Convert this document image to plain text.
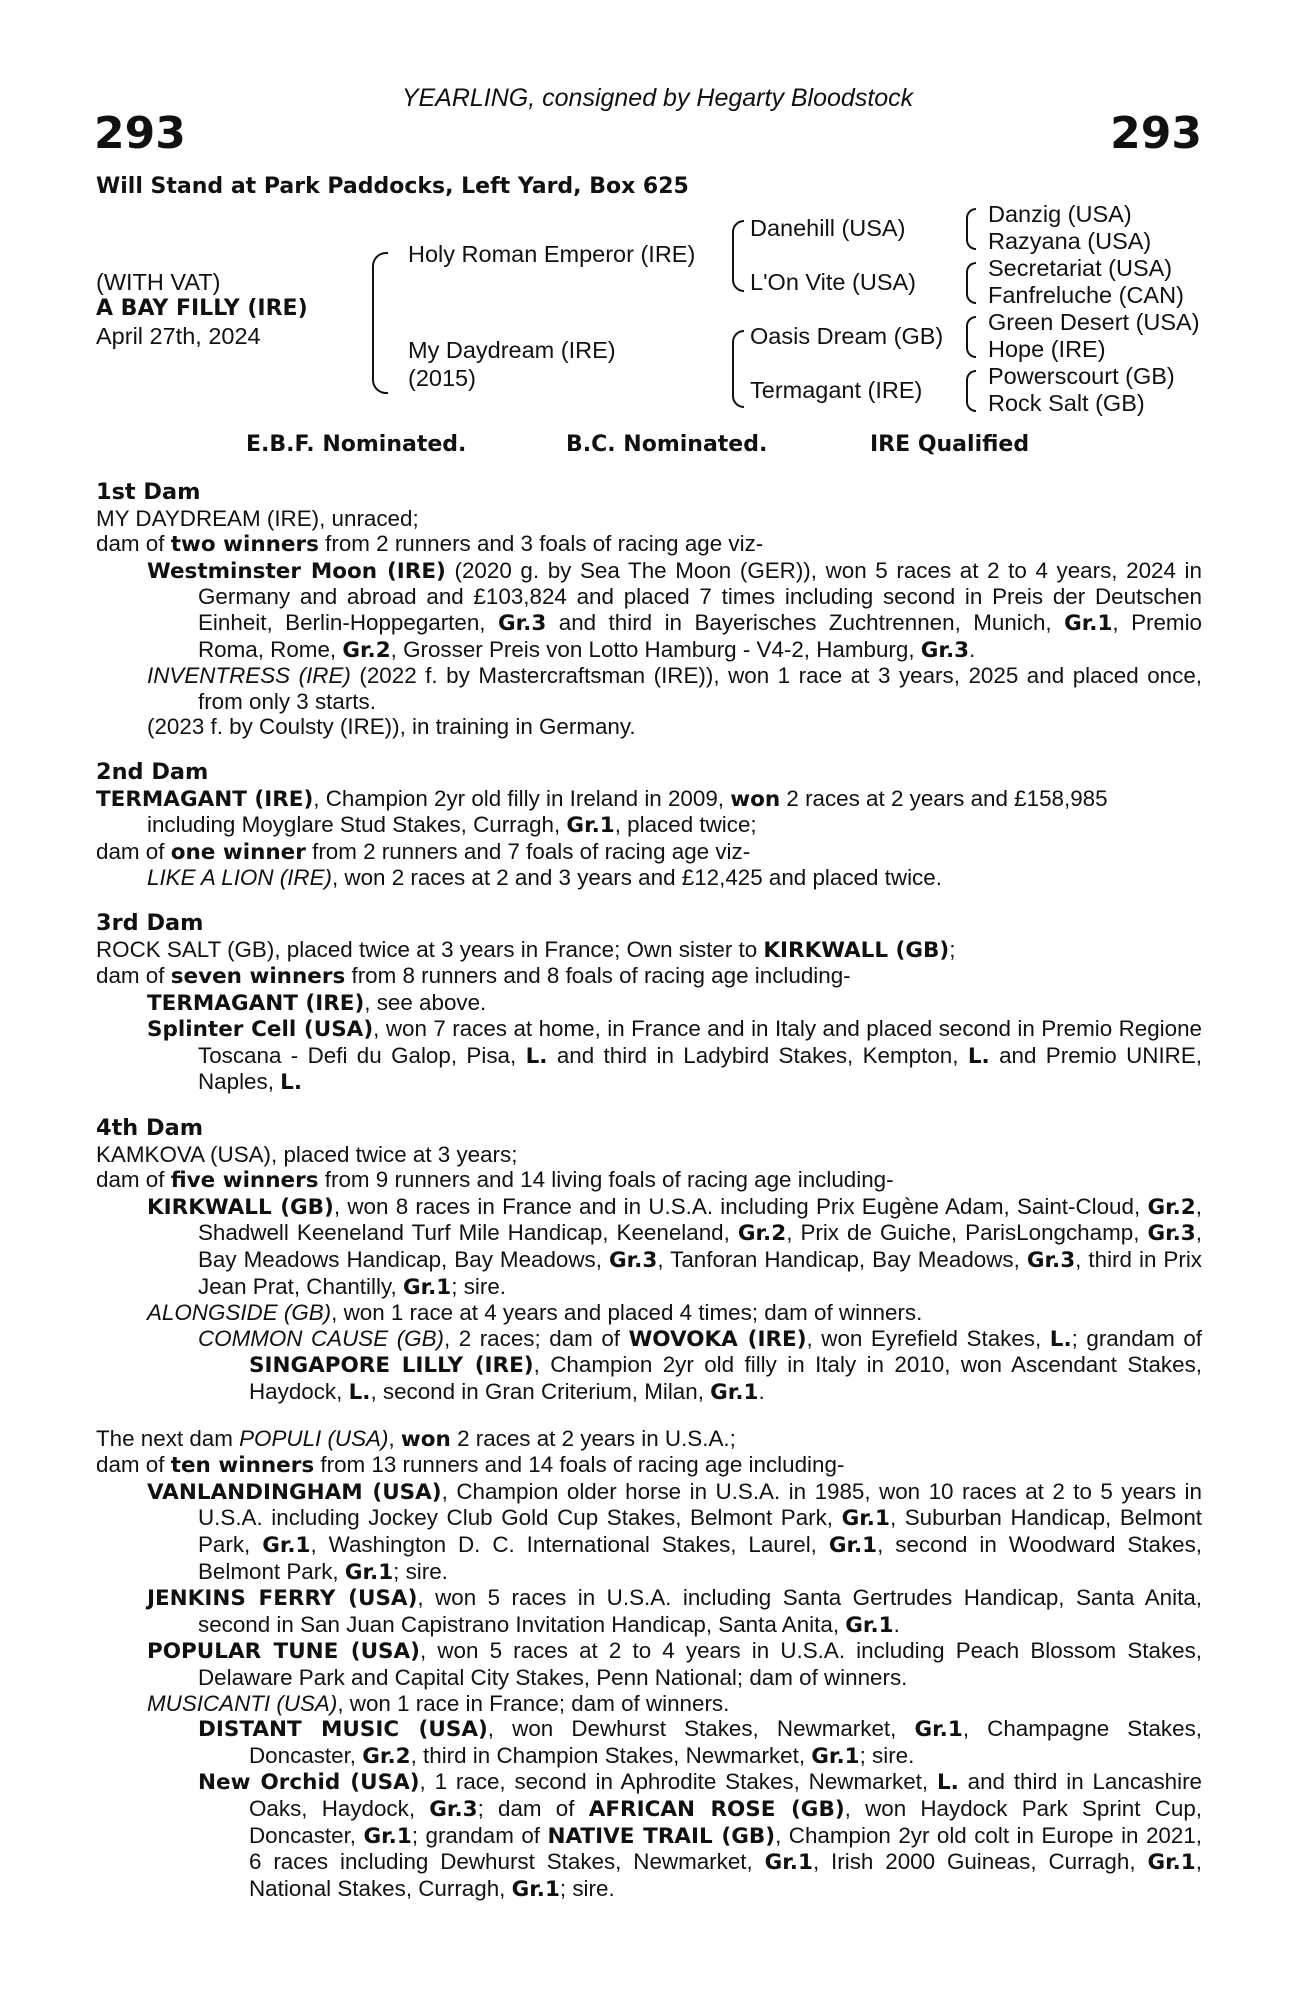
YEARLING, consigned by Hegarty Bloodstock
293	293
Will Stand at Park Paddocks, Left Yard, Box 625
(WITH VAT)
A BAY FILLY (IRE)
April 27th, 2024
Holy Roman Emperor (IRE)
My Daydream (IRE)
(2015)
Danehill (USA)
L'On Vite (USA)
Oasis Dream (GB)
Termagant (IRE)
Danzig (USA)
Razyana (USA)
Secretariat (USA)
Fanfreluche (CAN)
Green Desert (USA)
Hope (IRE)
Powerscourt (GB)
Rock Salt (GB)
E.B.F. Nominated.	B.C. Nominated.	IRE Qualified
1st Dam
MY DAYDREAM (IRE), unraced;
dam of two winners from 2 runners and 3 foals of racing age viz-
Westminster Moon (IRE) (2020 g. by Sea The Moon (GER)), won 5 races at 2 to 4 years, 2024 in Germany and abroad and £103,824 and placed 7 times including second in Preis der Deutschen Einheit, Berlin-Hoppegarten, Gr.3 and third in Bayerisches Zuchtrennen, Munich, Gr.1, Premio Roma, Rome, Gr.2, Grosser Preis von Lotto Hamburg - V4-2, Hamburg, Gr.3.
INVENTRESS (IRE) (2022 f. by Mastercraftsman (IRE)), won 1 race at 3 years, 2025 and placed once, from only 3 starts.
(2023 f. by Coulsty (IRE)), in training in Germany.
2nd Dam
TERMAGANT (IRE), Champion 2yr old filly in Ireland in 2009, won 2 races at 2 years and £158,985 including Moyglare Stud Stakes, Curragh, Gr.1, placed twice;
dam of one winner from 2 runners and 7 foals of racing age viz-
LIKE A LION (IRE), won 2 races at 2 and 3 years and £12,425 and placed twice.
3rd Dam
ROCK SALT (GB), placed twice at 3 years in France; Own sister to KIRKWALL (GB);
dam of seven winners from 8 runners and 8 foals of racing age including-
TERMAGANT (IRE), see above.
Splinter Cell (USA), won 7 races at home, in France and in Italy and placed second in Premio Regione Toscana - Defi du Galop, Pisa, L. and third in Ladybird Stakes, Kempton, L. and Premio UNIRE, Naples, L.
4th Dam
KAMKOVA (USA), placed twice at 3 years;
dam of five winners from 9 runners and 14 living foals of racing age including-
KIRKWALL (GB), won 8 races in France and in U.S.A. including Prix Eugène Adam, Saint-Cloud, Gr.2, Shadwell Keeneland Turf Mile Handicap, Keeneland, Gr.2, Prix de Guiche, ParisLongchamp, Gr.3, Bay Meadows Handicap, Bay Meadows, Gr.3, Tanforan Handicap, Bay Meadows, Gr.3, third in Prix Jean Prat, Chantilly, Gr.1; sire.
ALONGSIDE (GB), won 1 race at 4 years and placed 4 times; dam of winners.
COMMON CAUSE (GB), 2 races; dam of WOVOKA (IRE), won Eyrefield Stakes, L.; grandam of SINGAPORE LILLY (IRE), Champion 2yr old filly in Italy in 2010, won Ascendant Stakes, Haydock, L., second in Gran Criterium, Milan, Gr.1.
The next dam POPULI (USA), won 2 races at 2 years in U.S.A.;
dam of ten winners from 13 runners and 14 foals of racing age including-
VANLANDINGHAM (USA), Champion older horse in U.S.A. in 1985, won 10 races at 2 to 5 years in U.S.A. including Jockey Club Gold Cup Stakes, Belmont Park, Gr.1, Suburban Handicap, Belmont Park, Gr.1, Washington D. C. International Stakes, Laurel, Gr.1, second in Woodward Stakes, Belmont Park, Gr.1; sire.
JENKINS FERRY (USA), won 5 races in U.S.A. including Santa Gertrudes Handicap, Santa Anita, second in San Juan Capistrano Invitation Handicap, Santa Anita, Gr.1.
POPULAR TUNE (USA), won 5 races at 2 to 4 years in U.S.A. including Peach Blossom Stakes, Delaware Park and Capital City Stakes, Penn National; dam of winners.
MUSICANTI (USA), won 1 race in France; dam of winners.
DISTANT MUSIC (USA), won Dewhurst Stakes, Newmarket, Gr.1, Champagne Stakes, Doncaster, Gr.2, third in Champion Stakes, Newmarket, Gr.1; sire.
New Orchid (USA), 1 race, second in Aphrodite Stakes, Newmarket, L. and third in Lancashire Oaks, Haydock, Gr.3; dam of AFRICAN ROSE (GB), won Haydock Park Sprint Cup, Doncaster, Gr.1; grandam of NATIVE TRAIL (GB), Champion 2yr old colt in Europe in 2021, 6 races including Dewhurst Stakes, Newmarket, Gr.1, Irish 2000 Guineas, Curragh, Gr.1, National Stakes, Curragh, Gr.1; sire.
